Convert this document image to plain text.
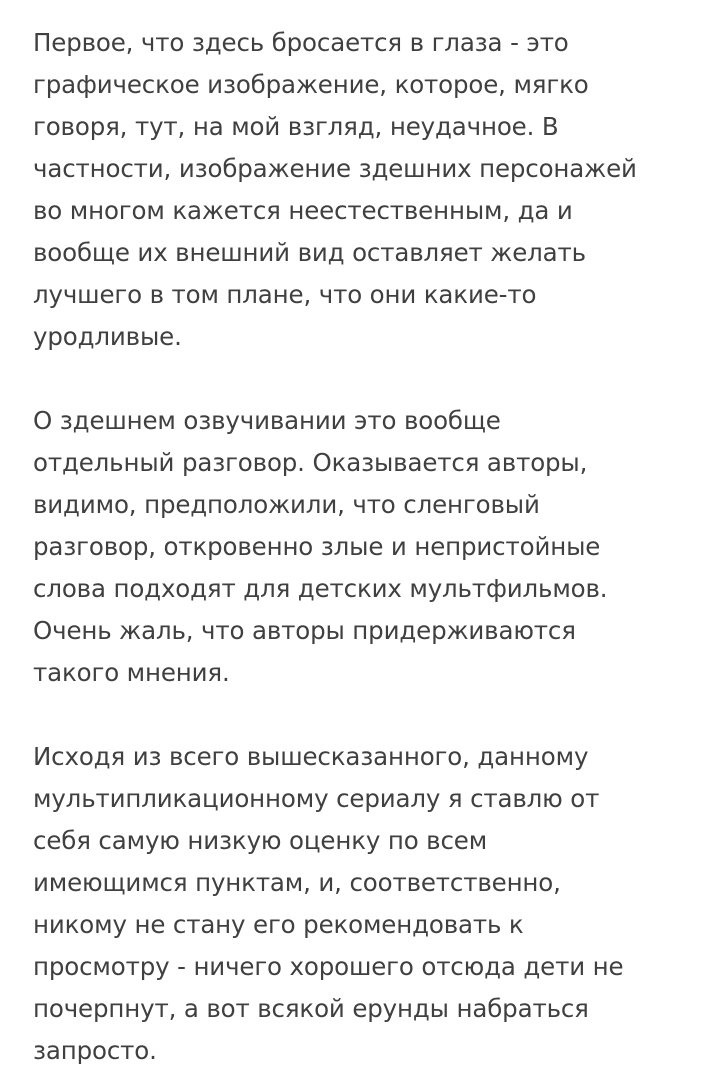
Первое, что здесь бросается в глаза - это
графическое изображение, которое, мягко
говоря, тут, на мой взгляд, неудачное. В
частности, изображение здешних персонажей
во многом кажется неестественным, да и
вообще их внешний вид оставляет желать
лучшего в том плане, что они какие-то
уродливые.

О здешнем озвучивании это вообще
отдельный разговор. Оказывается авторы,
видимо, предположили, что сленговый
разговор, откровенно злые и непристойные
слова подходят для детских мультфильмов.
Очень жаль, что авторы придерживаются
такого мнения.

Исходя из всего вышесказанного, данному
мультипликационному сериалу я ставлю от
себя самую низкую оценку по всем
имеющимся пунктам, и, соответственно,
никому не стану его рекомендовать к
просмотру - ничего хорошего отсюда дети не
почерпнут, а вот всякой ерунды набраться
запросто.
